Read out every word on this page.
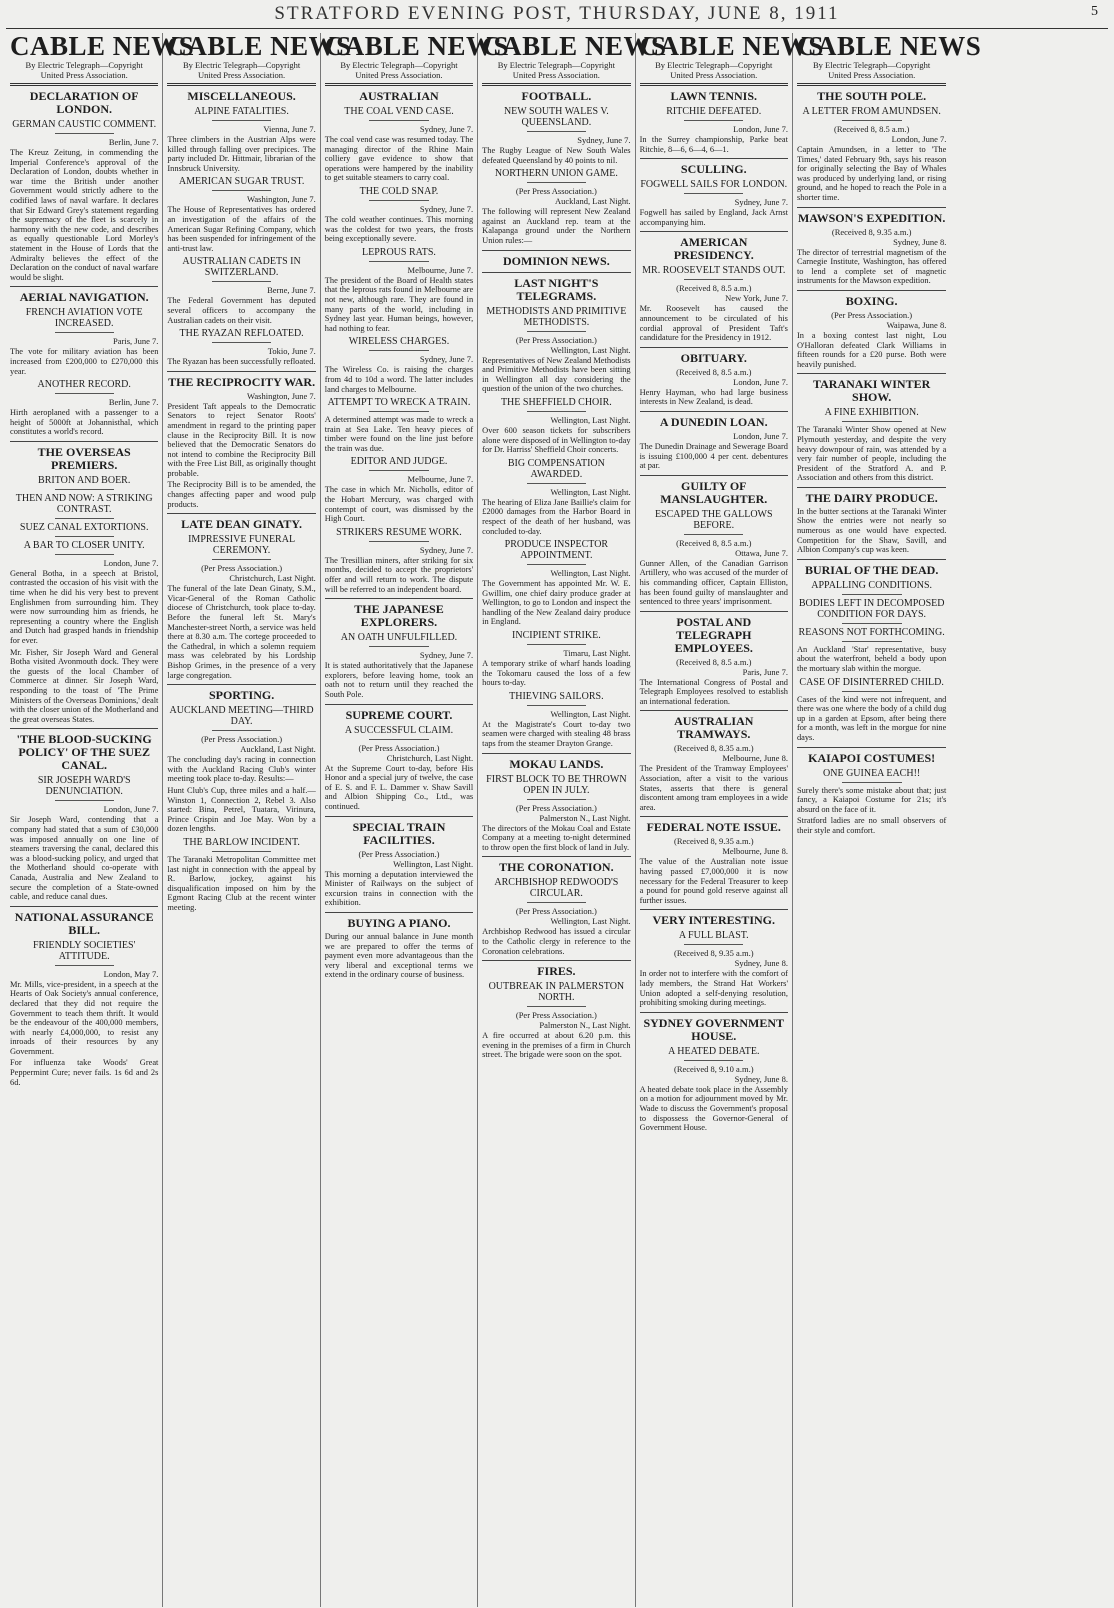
STRATFORD EVENING POST, THURSDAY, JUNE 8, 1911	5
CABLE NEWS
By Electric Telegraph—Copyright
United Press Association.
DECLARATION OF LONDON.
GERMAN CAUSTIC COMMENT.
Berlin, June 7.

The Kreuz Zeitung, in commending the Imperial Conference's approval of the Declaration of London, doubts whether in war time the British under another Government would strictly adhere to the codified laws of naval warfare. It declares that Sir Edward Grey's statement regarding the supremacy of the fleet is scarcely in harmony with the new code, and describes as equally questionable Lord Morley's statement in the House of Lords that the Admiralty believes the effect of the Declaration on the conduct of naval warfare would be slight.

AERIAL NAVIGATION.
FRENCH AVIATION VOTE INCREASED.
Paris, June 7.

The vote for military aviation has been increased from £200,000 to £270,000 this year.

ANOTHER RECORD.
Berlin, June 7.

Hirth aeroplaned with a passenger to a height of 5000ft at Johannisthal, which constitutes a world's record.

THE OVERSEAS PREMIERS.
BRITON AND BOER.
THEN AND NOW: A STRIKING CONTRAST.
SUEZ CANAL EXTORTIONS.
A BAR TO CLOSER UNITY.
London, June 7.

General Botha, in a speech at Bristol, contrasted the occasion of his visit with the time when he did his very best to prevent Englishmen from surrounding him. They were now surrounding him as friends, he representing a country where the English and Dutch had grasped hands in friendship for ever.

Mr. Fisher, Sir Joseph Ward and General Botha visited Avonmouth dock. They were the guests of the local Chamber of Commerce at dinner. Sir Joseph Ward, responding to the toast of 'The Prime Ministers of the Overseas Dominions,' dealt with the closer union of the Motherland and the great overseas States.

'THE BLOOD-SUCKING POLICY' OF THE SUEZ CANAL.
SIR JOSEPH WARD'S DENUNCIATION.
London, June 7.

Sir Joseph Ward, contending that a company had stated that a sum of £30,000 was imposed annually on one line of steamers traversing the canal, declared this was a blood-sucking policy, and urged that the Motherland should co-operate with Canada, Australia and New Zealand to secure the completion of a State-owned cable, and reduce canal dues.

NATIONAL ASSURANCE BILL.
FRIENDLY SOCIETIES' ATTITUDE.
London, May 7.

Mr. Mills, vice-president, in a speech at the Hearts of Oak Society's annual conference, declared that they did not require the Government to teach them thrift. It would be the endeavour of the 400,000 members, with nearly £4,000,000, to resist any inroads of their resources by any Government.

For influenza take Woods' Great Peppermint Cure; never fails. 1s 6d and 2s 6d.

CABLE NEWS
By Electric Telegraph—Copyright
United Press Association.
MISCELLANEOUS.
ALPINE FATALITIES.
Vienna, June 7.

Three climbers in the Austrian Alps were killed through falling over precipices. The party included Dr. Hittmair, librarian of the Innsbruck University.

AMERICAN SUGAR TRUST.
Washington, June 7.

The House of Representatives has ordered an investigation of the affairs of the American Sugar Refining Company, which has been suspended for infringement of the anti-trust law.

AUSTRALIAN CADETS IN SWITZERLAND.
Berne, June 7.

The Federal Government has deputed several officers to accompany the Australian cadets on their visit.

THE RYAZAN REFLOATED.
Tokio, June 7.

The Ryazan has been successfully refloated.

THE RECIPROCITY WAR.
Washington, June 7.

President Taft appeals to the Democratic Senators to reject Senator Roots' amendment in regard to the printing paper clause in the Reciprocity Bill. It is now believed that the Democratic Senators do not intend to combine the Reciprocity Bill with the Free List Bill, as originally thought probable.

The Reciprocity Bill is to be amended, the changes affecting paper and wood pulp products.

LATE DEAN GINATY.
IMPRESSIVE FUNERAL CEREMONY.
(Per Press Association.)
Christchurch, Last Night.

The funeral of the late Dean Ginaty, S.M., Vicar-General of the Roman Catholic diocese of Christchurch, took place to-day. Before the funeral left St. Mary's Manchester-street North, a service was held there at 8.30 a.m. The cortege proceeded to the Cathedral, in which a solemn requiem mass was celebrated by his Lordship Bishop Grimes, in the presence of a very large congregation.

SPORTING.
AUCKLAND MEETING—THIRD DAY.
(Per Press Association.)
Auckland, Last Night.

The concluding day's racing in connection with the Auckland Racing Club's winter meeting took place to-day. Results:—

Hunt Club's Cup, three miles and a half.—Winston 1, Connection 2, Rebel 3. Also started: Bina, Petrel, Tuatara, Virinura, Prince Crispin and Joe May. Won by a dozen lengths.

THE BARLOW INCIDENT.

The Taranaki Metropolitan Committee met last night in connection with the appeal by R. Barlow, jockey, against his disqualification imposed on him by the Egmont Racing Club at the recent winter meeting.

CABLE NEWS
By Electric Telegraph—Copyright
United Press Association.
AUSTRALIAN
THE COAL VEND CASE.
Sydney, June 7.

The coal vend case was resumed today. The managing director of the Rhine Main colliery gave evidence to show that operations were hampered by the inability to get suitable steamers to carry coal.

THE COLD SNAP.
Sydney, June 7.

The cold weather continues. This morning was the coldest for two years, the frosts being exceptionally severe.

LEPROUS RATS.
Melbourne, June 7.

The president of the Board of Health states that the leprous rats found in Melbourne are not new, although rare. They are found in many parts of the world, including in Sydney last year. Human beings, however, had nothing to fear.

WIRELESS CHARGES.
Sydney, June 7.

The Wireless Co. is raising the charges from 4d to 10d a word. The latter includes land charges to Melbourne.

ATTEMPT TO WRECK A TRAIN.

A determined attempt was made to wreck a train at Sea Lake. Ten heavy pieces of timber were found on the line just before the train was due.

EDITOR AND JUDGE.
Melbourne, June 7.

The case in which Mr. Nicholls, editor of the Hobart Mercury, was charged with contempt of court, was dismissed by the High Court.

STRIKERS RESUME WORK.
Sydney, June 7.

The Tresillian miners, after striking for six months, decided to accept the proprietors' offer and will return to work. The dispute will be referred to an independent board.

THE JAPANESE EXPLORERS.
AN OATH UNFULFILLED.
Sydney, June 7.

It is stated authoritatively that the Japanese explorers, before leaving home, took an oath not to return until they reached the South Pole.

SUPREME COURT.
A SUCCESSFUL CLAIM.
(Per Press Association.)
Christchurch, Last Night.

At the Supreme Court to-day, before His Honor and a special jury of twelve, the case of E. S. and F. L. Dammer v. Shaw Savill and Albion Shipping Co., Ltd., was continued.

SPECIAL TRAIN FACILITIES.
(Per Press Association.)
Wellington, Last Night.

This morning a deputation interviewed the Minister of Railways on the subject of excursion trains in connection with the exhibition.

BUYING A PIANO.

During our annual balance in June month we are prepared to offer the terms of payment even more advantageous than the very liberal and exceptional terms we extend in the ordinary course of business.

CABLE NEWS
By Electric Telegraph—Copyright
United Press Association.
FOOTBALL.
NEW SOUTH WALES V. QUEENSLAND.
Sydney, June 7.

The Rugby League of New South Wales defeated Queensland by 40 points to nil.

NORTHERN UNION GAME.
(Per Press Association.)
Auckland, Last Night.

The following will represent New Zealand against an Auckland rep. team at the Kalapanga ground under the Northern Union rules:—

DOMINION NEWS.
LAST NIGHT'S TELEGRAMS.
METHODISTS AND PRIMITIVE METHODISTS.
(Per Press Association.)
Wellington, Last Night.

Representatives of New Zealand Methodists and Primitive Methodists have been sitting in Wellington all day considering the question of the union of the two churches.

THE SHEFFIELD CHOIR.
Wellington, Last Night.

Over 600 season tickets for subscribers alone were disposed of in Wellington to-day for Dr. Harriss' Sheffield Choir concerts.

BIG COMPENSATION AWARDED.
Wellington, Last Night.

The hearing of Eliza Jane Baillie's claim for £2000 damages from the Harbor Board in respect of the death of her husband, was concluded to-day.

PRODUCE INSPECTOR APPOINTMENT.
Wellington, Last Night.

The Government has appointed Mr. W. E. Gwillim, one chief dairy produce grader at Wellington, to go to London and inspect the handling of the New Zealand dairy produce in England.

INCIPIENT STRIKE.
Timaru, Last Night.

A temporary strike of wharf hands loading the Tokomaru caused the loss of a few hours to-day.

THIEVING SAILORS.
Wellington, Last Night.

At the Magistrate's Court to-day two seamen were charged with stealing 48 brass taps from the steamer Drayton Grange.

MOKAU LANDS.
FIRST BLOCK TO BE THROWN OPEN IN JULY.
(Per Press Association.)
Palmerston N., Last Night.

The directors of the Mokau Coal and Estate Company at a meeting to-night determined to throw open the first block of land in July.

THE CORONATION.
ARCHBISHOP REDWOOD'S CIRCULAR.
(Per Press Association.)
Wellington, Last Night.

Archbishop Redwood has issued a circular to the Catholic clergy in reference to the Coronation celebrations.

FIRES.
OUTBREAK IN PALMERSTON NORTH.
(Per Press Association.)
Palmerston N., Last Night.

A fire occurred at about 6.20 p.m. this evening in the premises of a firm in Church street. The brigade were soon on the spot.

CABLE NEWS
By Electric Telegraph—Copyright
United Press Association.
LAWN TENNIS.
RITCHIE DEFEATED.
London, June 7.

In the Surrey championship, Parke beat Ritchie, 8—6, 6—4, 6—1.

SCULLING.
FOGWELL SAILS FOR LONDON.
Sydney, June 7.

Fogwell has sailed by England, Jack Arnst accompanying him.

AMERICAN PRESIDENCY.
MR. ROOSEVELT STANDS OUT.
(Received 8, 8.5 a.m.)
New York, June 7.

Mr. Roosevelt has caused the announcement to be circulated of his cordial approval of President Taft's candidature for the Presidency in 1912.

OBITUARY.
(Received 8, 8.5 a.m.)
London, June 7.

Henry Hayman, who had large business interests in New Zealand, is dead.

A DUNEDIN LOAN.
London, June 7.

The Dunedin Drainage and Sewerage Board is issuing £100,000 4 per cent. debentures at par.

GUILTY OF MANSLAUGHTER.
ESCAPED THE GALLOWS BEFORE.
(Received 8, 8.5 a.m.)
Ottawa, June 7.

Gunner Allen, of the Canadian Garrison Artillery, who was accused of the murder of his commanding officer, Captain Elliston, has been found guilty of manslaughter and sentenced to three years' imprisonment.

POSTAL AND TELEGRAPH EMPLOYEES.
(Received 8, 8.5 a.m.)
Paris, June 7.

The International Congress of Postal and Telegraph Employees resolved to establish an international federation.

AUSTRALIAN TRAMWAYS.
(Received 8, 8.35 a.m.)
Melbourne, June 8.

The President of the Tramway Employees' Association, after a visit to the various States, asserts that there is general discontent among tram employees in a wide area.

FEDERAL NOTE ISSUE.
(Received 8, 9.35 a.m.)
Melbourne, June 8.

The value of the Australian note issue having passed £7,000,000 it is now necessary for the Federal Treasurer to keep a pound for pound gold reserve against all further issues.

VERY INTERESTING.
A FULL BLAST.
(Received 8, 9.35 a.m.)
Sydney, June 8.

In order not to interfere with the comfort of lady members, the Strand Hat Workers' Union adopted a self-denying resolution, prohibiting smoking during meetings.

SYDNEY GOVERNMENT HOUSE.
A HEATED DEBATE.
(Received 8, 9.10 a.m.)
Sydney, June 8.

A heated debate took place in the Assembly on a motion for adjournment moved by Mr. Wade to discuss the Government's proposal to dispossess the Governor-General of Government House.

CABLE NEWS
By Electric Telegraph—Copyright
United Press Association.
THE SOUTH POLE.
A LETTER FROM AMUNDSEN.
(Received 8, 8.5 a.m.)
London, June 7.

Captain Amundsen, in a letter to 'The Times,' dated February 9th, says his reason for originally selecting the Bay of Whales was produced by underlying land, or rising ground, and he hoped to reach the Pole in a shorter time.

MAWSON'S EXPEDITION.
(Received 8, 9.35 a.m.)
Sydney, June 8.

The director of terrestrial magnetism of the Carnegie Institute, Washington, has offered to lend a complete set of magnetic instruments for the Mawson expedition.

BOXING.
(Per Press Association.)
Waipawa, June 8.

In a boxing contest last night, Lou O'Halloran defeated Clark Williams in fifteen rounds for a £20 purse. Both were heavily punished.

TARANAKI WINTER SHOW.
A FINE EXHIBITION.

The Taranaki Winter Show opened at New Plymouth yesterday, and despite the very heavy downpour of rain, was attended by a very fair number of people, including the President of the Stratford A. and P. Association and others from this district.

THE DAIRY PRODUCE.

In the butter sections at the Taranaki Winter Show the entries were not nearly so numerous as one would have expected. Competition for the Shaw, Savill, and Albion Company's cup was keen.

BURIAL OF THE DEAD.
APPALLING CONDITIONS.
BODIES LEFT IN DECOMPOSED CONDITION FOR DAYS.
REASONS NOT FORTHCOMING.

An Auckland 'Star' representative, busy about the waterfront, beheld a body upon the mortuary slab within the morgue.

CASE OF DISINTERRED CHILD.

Cases of the kind were not infrequent, and there was one where the body of a child dug up in a garden at Epsom, after being there for a month, was left in the morgue for nine days.

KAIAPOI COSTUMES!
ONE GUINEA EACH!!

Surely there's some mistake about that; just fancy, a Kaiapoi Costume for 21s; it's absurd on the face of it.

Stratford ladies are no small observers of their style and comfort.
